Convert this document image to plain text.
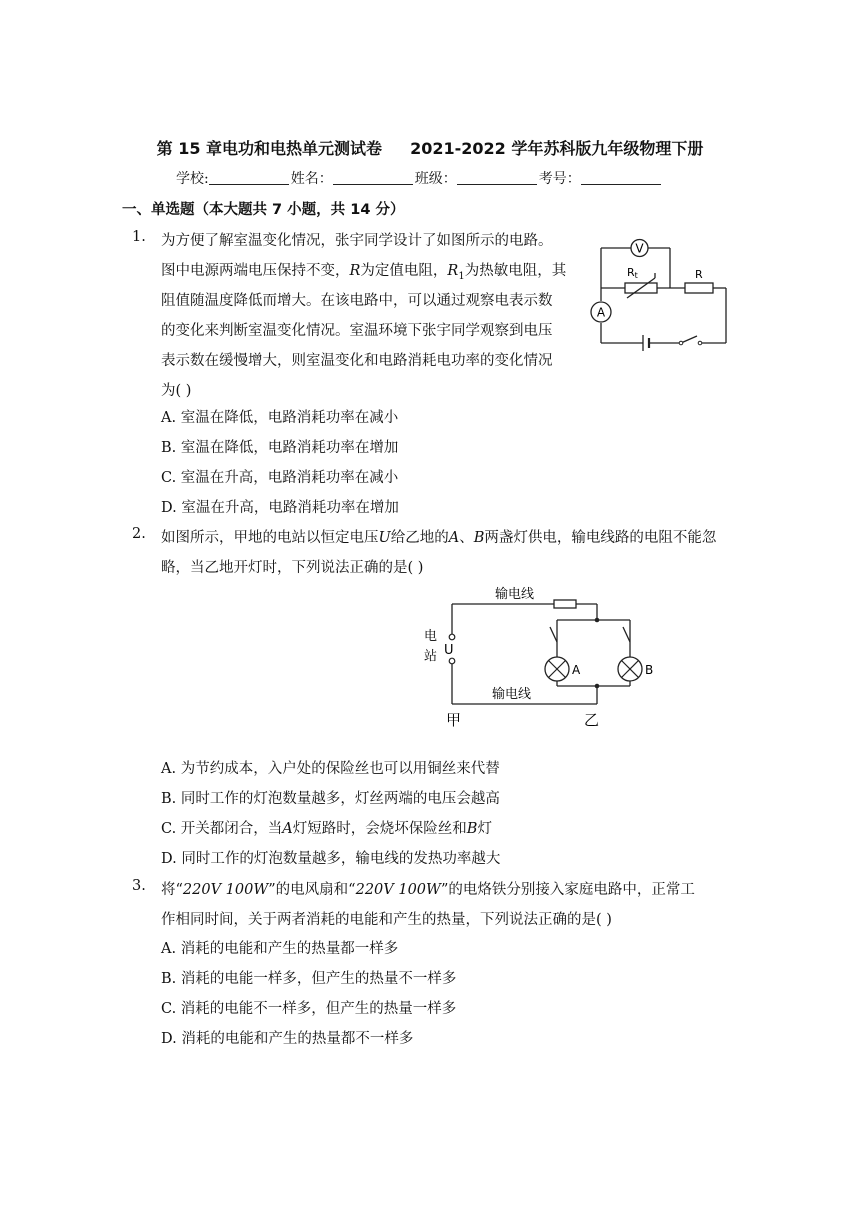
第 15 章电功和电热单元测试卷 2021-2022 学年苏科版九年级物理下册
学校:	姓名：	班级：	考号：
一、单选题（本大题共 7 小题，共 14 分）
1. 为方便了解室温变化情况，张宇同学设计了如图所示的电路。
图中电源两端电压保持不变，R为定值电阻，$R_1$为热敏电阻，其
阻值随温度降低而增大。在该电路中，可以通过观察电表示数
的变化来判断室温变化情况。室温环境下张宇同学观察到电压
表示数在缓慢增大，则室温变化和电路消耗电功率的变化情况
为( )
A. 室温在降低，电路消耗功率在减小
B. 室温在降低，电路消耗功率在增加
C. 室温在升高，电路消耗功率在减小
D. 室温在升高，电路消耗功率在增加
V
A
Rt	R
2. 如图所示，甲地的电站以恒定电压U给乙地的A、B两盏灯供电，输电线路的电阻不能忽
略，当乙地开灯时，下列说法正确的是( )
输电线
输电线
电
站 U
A	B
甲	乙
A. 为节约成本，入户处的保险丝也可以用铜丝来代替
B. 同时工作的灯泡数量越多，灯丝两端的电压会越高
C. 开关都闭合，当A灯短路时，会烧坏保险丝和B灯
D. 同时工作的灯泡数量越多，输电线的发热功率越大
3. 将“220V 100W”的电风扇和“220V 100W”的电烙铁分别接入家庭电路中，正常工
作相同时间，关于两者消耗的电能和产生的热量，下列说法正确的是( )
A. 消耗的电能和产生的热量都一样多
B. 消耗的电能一样多，但产生的热量不一样多
C. 消耗的电能不一样多，但产生的热量一样多
D. 消耗的电能和产生的热量都不一样多
